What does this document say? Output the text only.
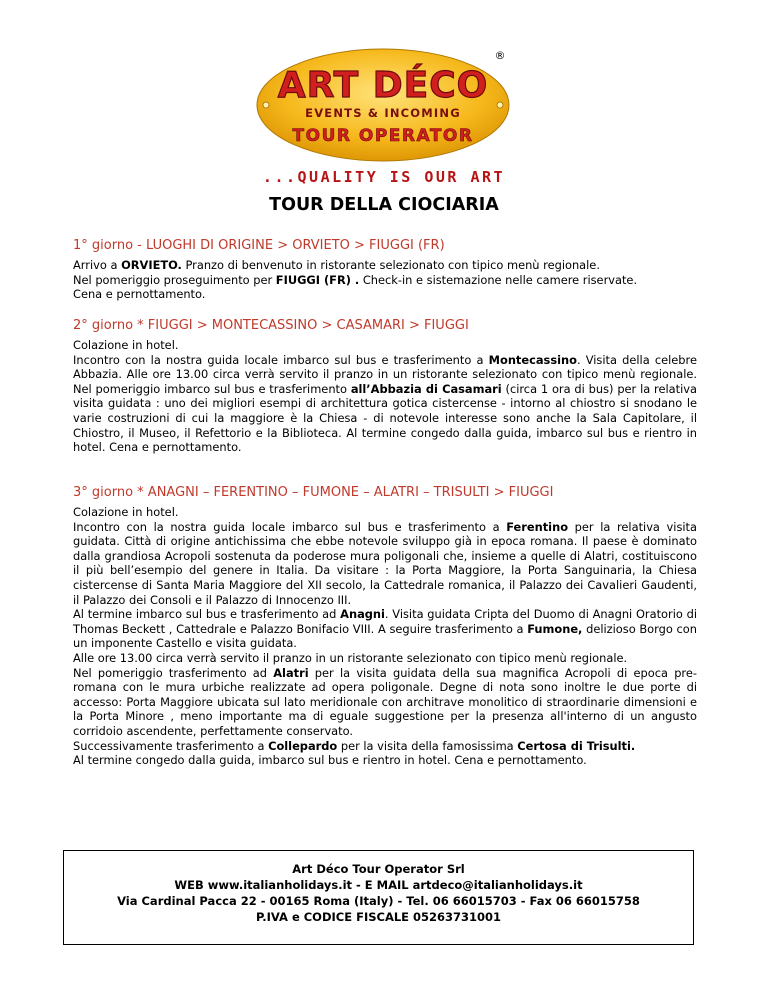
ART DÉCO
®
EVENTS & INCOMING
TOUR OPERATOR
...QUALITY IS OUR ART
TOUR DELLA CIOCIARIA
1° giorno - LUOGHI DI ORIGINE > ORVIETO > FIUGGI (FR)

Arrivo a ORVIETO. Pranzo di benvenuto in ristorante selezionato con tipico menù regionale.

Nel pomeriggio proseguimento per FIUGGI (FR) . Check-in e sistemazione nelle camere riservate.

Cena e pernottamento.

2° giorno * FIUGGI > MONTECASSINO > CASAMARI > FIUGGI

Colazione in hotel.

Incontro con la nostra guida locale imbarco sul bus e trasferimento a Montecassino. Visita della celebre Abbazia. Alle ore 13.00 circa verrà servito il pranzo in un ristorante selezionato con tipico menù regionale. Nel pomeriggio imbarco sul bus e trasferimento all’Abbazia di Casamari (circa 1 ora di bus) per la relativa visita guidata : uno dei migliori esempi di architettura gotica cistercense - intorno al chiostro si snodano le varie costruzioni di cui la maggiore è la Chiesa - di notevole interesse sono anche la Sala Capitolare, il Chiostro, il Museo, il Refettorio e la Biblioteca. Al termine congedo dalla guida, imbarco sul bus e rientro in hotel. Cena e pernottamento.

3° giorno * ANAGNI – FERENTINO – FUMONE – ALATRI – TRISULTI > FIUGGI

Colazione in hotel.

Incontro con la nostra guida locale imbarco sul bus e trasferimento a Ferentino per la relativa visita guidata. Città di origine antichissima che ebbe notevole sviluppo già in epoca romana. Il paese è dominato dalla grandiosa Acropoli sostenuta da poderose mura poligonali che, insieme a quelle di Alatri, costituiscono il più bell’esempio del genere in Italia. Da visitare : la Porta Maggiore, la Porta Sanguinaria, la Chiesa cistercense di Santa Maria Maggiore del XII secolo, la Cattedrale romanica, il Palazzo dei Cavalieri Gaudenti, il Palazzo dei Consoli e il Palazzo di Innocenzo III.

Al termine imbarco sul bus e trasferimento ad Anagni. Visita guidata Cripta del Duomo di Anagni Oratorio di Thomas Beckett , Cattedrale e Palazzo Bonifacio VIII. A seguire trasferimento a Fumone, delizioso Borgo con un imponente Castello e visita guidata.

Alle ore 13.00 circa verrà servito il pranzo in un ristorante selezionato con tipico menù regionale.

Nel pomeriggio trasferimento ad Alatri per la visita guidata della sua magnifica Acropoli di epoca pre-romana con le mura urbiche realizzate ad opera poligonale. Degne di nota sono inoltre le due porte di accesso: Porta Maggiore ubicata sul lato meridionale con architrave monolitico di straordinarie dimensioni e la Porta Minore , meno importante ma di eguale suggestione per la presenza all'interno di un angusto corridoio ascendente, perfettamente conservato.

Successivamente trasferimento a Collepardo per la visita della famosissima Certosa di Trisulti.

Al termine congedo dalla guida, imbarco sul bus e rientro in hotel. Cena e pernottamento.

Art Déco Tour Operator Srl
WEB www.italianholidays.it - E MAIL artdeco@italianholidays.it
Via Cardinal Pacca 22 - 00165 Roma (Italy) - Tel. 06 66015703 - Fax 06 66015758
P.IVA e CODICE FISCALE 05263731001
